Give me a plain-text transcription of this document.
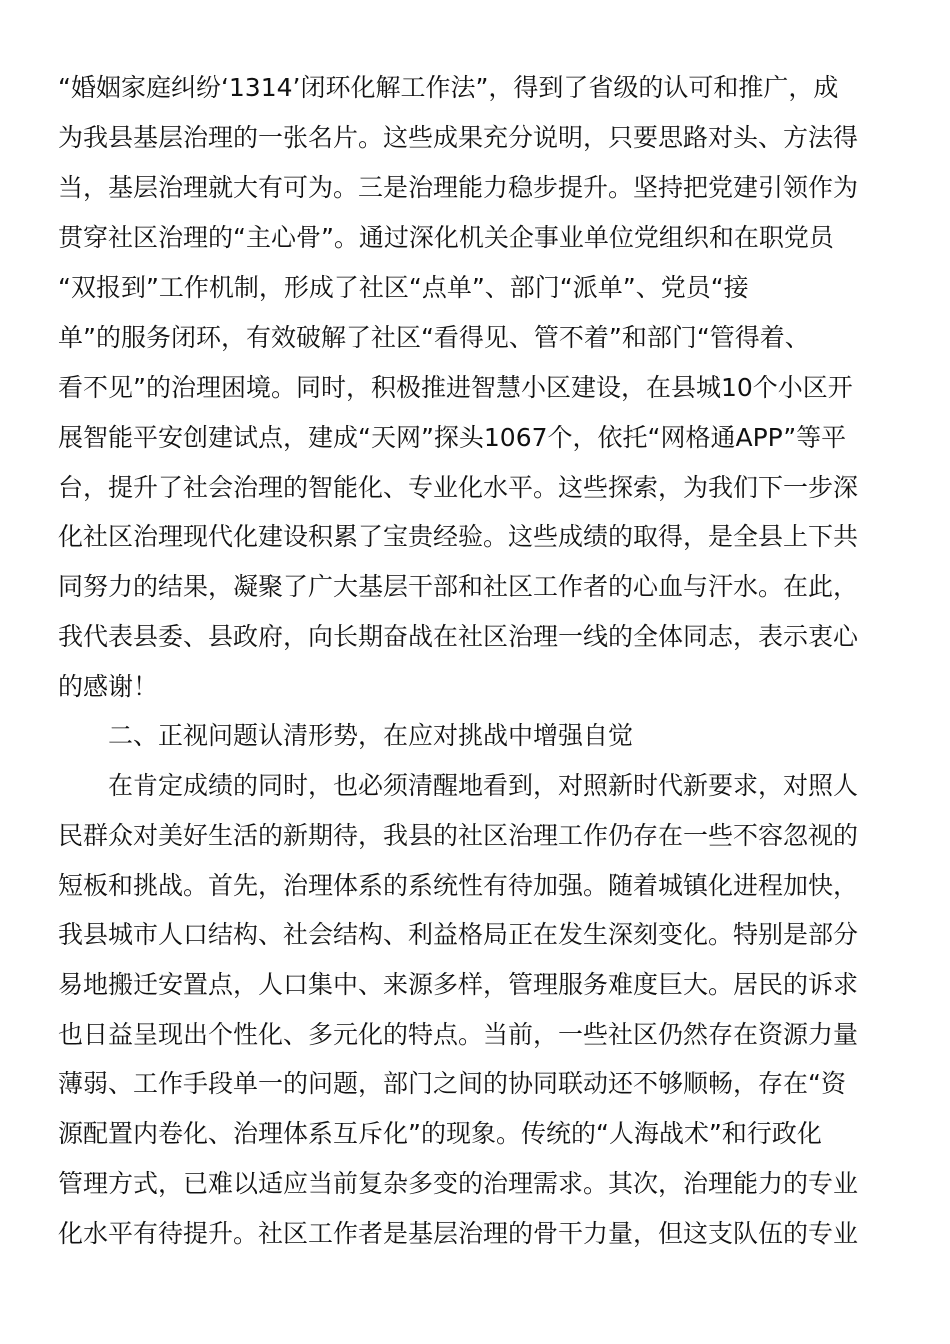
“婚姻家庭纠纷‘1314’闭环化解工作法”，得到了省级的认可和推广，成
为我县基层治理的一张名片。这些成果充分说明，只要思路对头、方法得
当，基层治理就大有可为。三是治理能力稳步提升。坚持把党建引领作为
贯穿社区治理的“主心骨”。通过深化机关企事业单位党组织和在职党员
“双报到”工作机制，形成了社区“点单”、部门“派单”、党员“接
单”的服务闭环，有效破解了社区“看得见、管不着”和部门“管得着、
看不见”的治理困境。同时，积极推进智慧小区建设，在县城10个小区开
展智能平安创建试点，建成“天网”探头1067个，依托“网格通APP”等平
台，提升了社会治理的智能化、专业化水平。这些探索，为我们下一步深
化社区治理现代化建设积累了宝贵经验。这些成绩的取得，是全县上下共
同努力的结果，凝聚了广大基层干部和社区工作者的心血与汗水。在此，
我代表县委、县政府，向长期奋战在社区治理一线的全体同志，表示衷心
的感谢！
二、正视问题认清形势，在应对挑战中增强自觉
在肯定成绩的同时，也必须清醒地看到，对照新时代新要求，对照人
民群众对美好生活的新期待，我县的社区治理工作仍存在一些不容忽视的
短板和挑战。首先，治理体系的系统性有待加强。随着城镇化进程加快，
我县城市人口结构、社会结构、利益格局正在发生深刻变化。特别是部分
易地搬迁安置点，人口集中、来源多样，管理服务难度巨大。居民的诉求
也日益呈现出个性化、多元化的特点。当前，一些社区仍然存在资源力量
薄弱、工作手段单一的问题，部门之间的协同联动还不够顺畅，存在“资
源配置内卷化、治理体系互斥化”的现象。传统的“人海战术”和行政化
管理方式，已难以适应当前复杂多变的治理需求。其次，治理能力的专业
化水平有待提升。社区工作者是基层治理的骨干力量，但这支队伍的专业
